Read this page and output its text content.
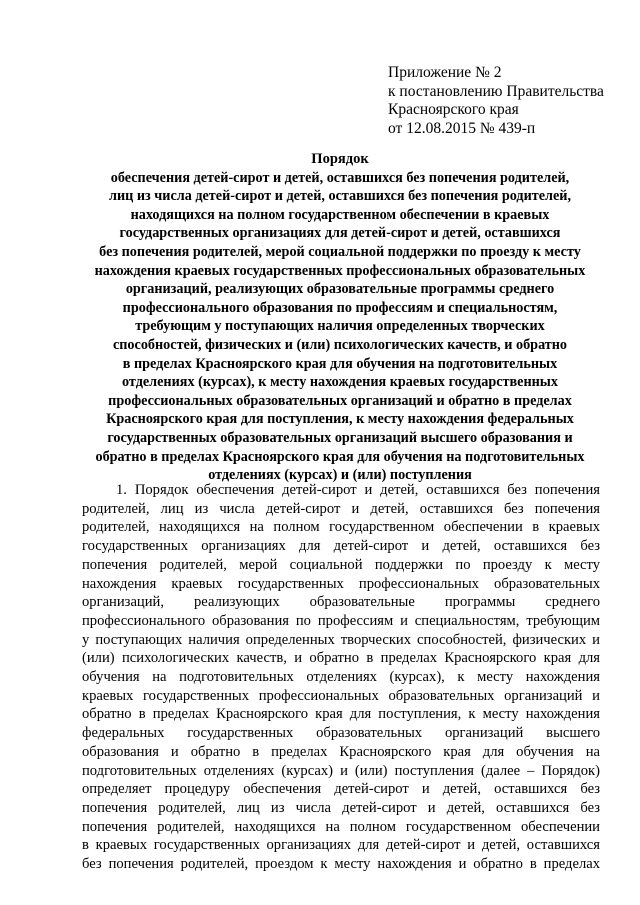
Приложение № 2
к постановлению Правительства
Красноярского края
от 12.08.2015 № 439-п
Порядок
обеспечения детей-сирот и детей, оставшихся без попечения родителей,
лиц из числа детей-сирот и детей, оставшихся без попечения родителей,
находящихся на полном государственном обеспечении в краевых
государственных организациях для детей-сирот и детей, оставшихся
без попечения родителей, мерой социальной поддержки по проезду к месту
нахождения краевых государственных профессиональных образовательных
организаций, реализующих образовательные программы среднего
профессионального образования по профессиям и специальностям,
требующим у поступающих наличия определенных творческих
способностей, физических и (или) психологических качеств, и обратно
в пределах Красноярского края для обучения на подготовительных
отделениях (курсах), к месту нахождения краевых государственных
профессиональных образовательных организаций и обратно в пределах
Красноярского края для поступления, к месту нахождения федеральных
государственных образовательных организаций высшего образования и
обратно в пределах Красноярского края для обучения на подготовительных
отделениях (курсах) и (или) поступления
1. Порядок обеспечения детей-сирот и детей, оставшихся без попечения
родителей, лиц из числа детей-сирот и детей, оставшихся без попечения
родителей, находящихся на полном государственном обеспечении в краевых
государственных организациях для детей-сирот и детей, оставшихся без
попечения родителей, мерой социальной поддержки по проезду к месту
нахождения краевых государственных профессиональных образовательных
организаций, реализующих образовательные программы среднего
профессионального образования по профессиям и специальностям, требующим
у поступающих наличия определенных творческих способностей, физических и
(или) психологических качеств, и обратно в пределах Красноярского края для
обучения на подготовительных отделениях (курсах), к месту нахождения
краевых государственных профессиональных образовательных организаций и
обратно в пределах Красноярского края для поступления, к месту нахождения
федеральных государственных образовательных организаций высшего
образования и обратно в пределах Красноярского края для обучения на
подготовительных отделениях (курсах) и (или) поступления (далее – Порядок)
определяет процедуру обеспечения детей-сирот и детей, оставшихся без
попечения родителей, лиц из числа детей-сирот и детей, оставшихся без
попечения родителей, находящихся на полном государственном обеспечении
в краевых государственных организациях для детей-сирот и детей, оставшихся
без попечения родителей, проездом к месту нахождения и обратно в пределах
